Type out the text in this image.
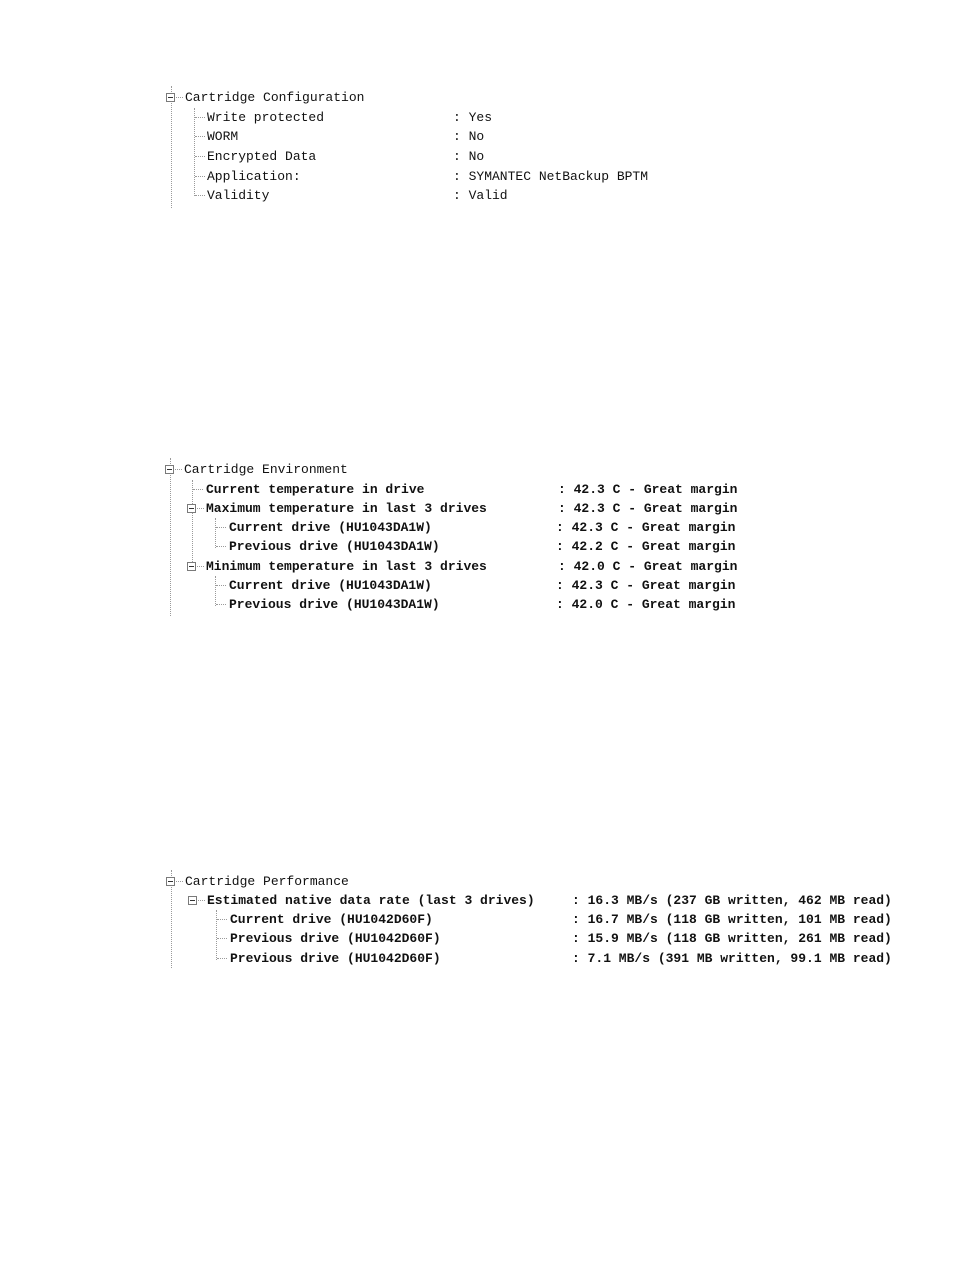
Cartridge Configuration

Write protected

	: Yes

WORM

	: No

Encrypted Data

	: No

Application:

	: SYMANTEC NetBackup BPTM

Validity

	: Valid

Cartridge Environment

Current temperature in drive

	: 42.3 C - Great margin

Maximum temperature in last 3 drives

	: 42.3 C - Great margin

Current drive (HU1043DA1W)

	: 42.3 C - Great margin

Previous drive (HU1043DA1W)

	: 42.2 C - Great margin

Minimum temperature in last 3 drives

	: 42.0 C - Great margin

Current drive (HU1043DA1W)

	: 42.3 C - Great margin

Previous drive (HU1043DA1W)

	: 42.0 C - Great margin

Cartridge Performance

Estimated native data rate (last 3 drives)

	: 16.3 MB/s (237 GB written, 462 MB read)

Current drive (HU1042D60F)

	: 16.7 MB/s (118 GB written, 101 MB read)

Previous drive (HU1042D60F)

	: 15.9 MB/s (118 GB written, 261 MB read)

Previous drive (HU1042D60F)

	: 7.1 MB/s (391 MB written, 99.1 MB read)
